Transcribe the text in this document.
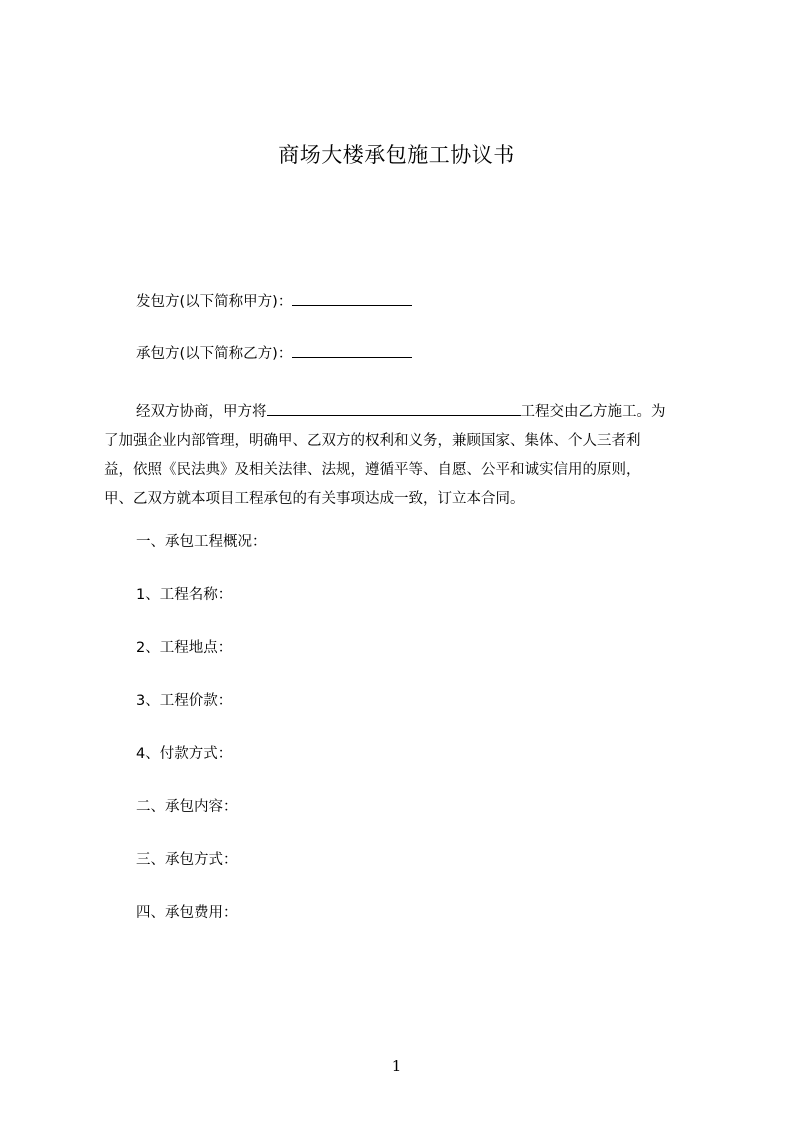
商场大楼承包施工协议书
发包方(以下简称甲方)：
承包方(以下简称乙方)：
经双方协商，甲方将	工程交由乙方施工。为
了加强企业内部管理，明确甲、乙双方的权利和义务，兼顾国家、集体、个人三者利
益，依照《民法典》及相关法律、法规，遵循平等、自愿、公平和诚实信用的原则，
甲、乙双方就本项目工程承包的有关事项达成一致，订立本合同。
一、承包工程概况：
1、工程名称：
2、工程地点：
3、工程价款：
4、付款方式：
二、承包内容：
三、承包方式：
四、承包费用：
1
